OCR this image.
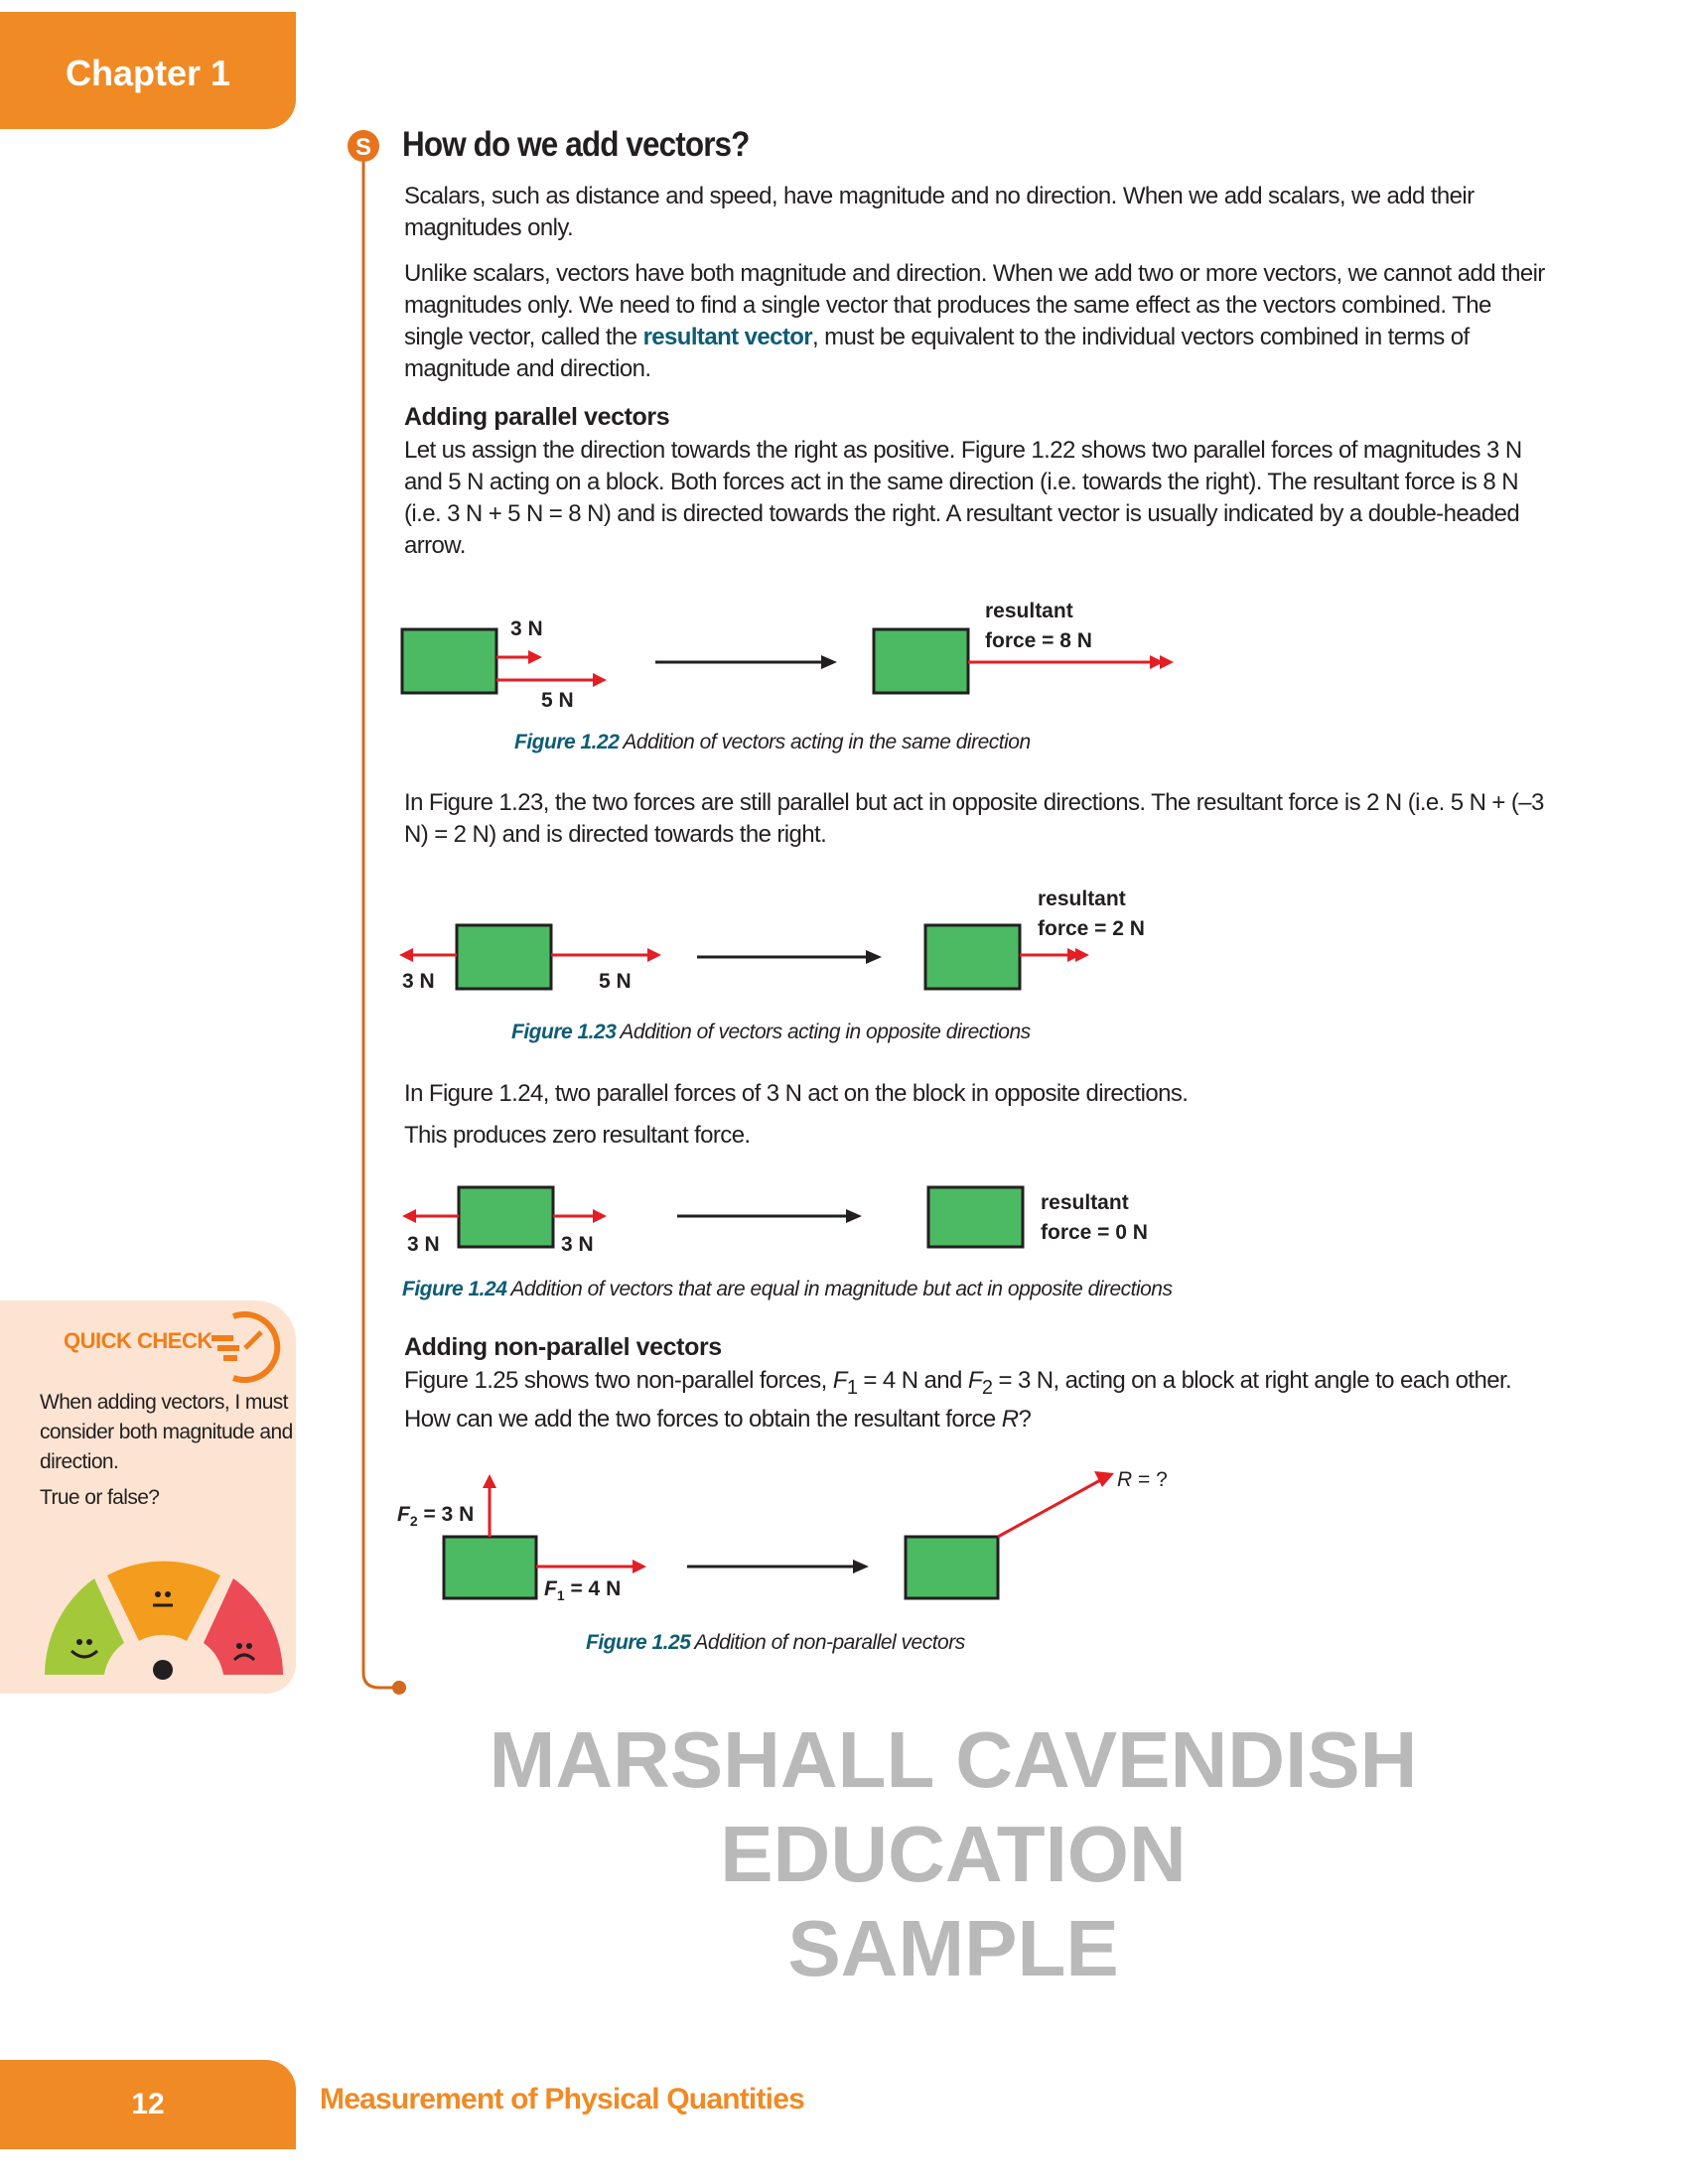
Chapter 1
S How do we add vectors?
Scalars, such as distance and speed, have magnitude and no direction. When we add scalars, we add their magnitudes only.
Unlike scalars, vectors have both magnitude and direction. When we add two or more vectors, we cannot add their magnitudes only. We need to find a single vector that produces the same effect as the vectors combined. The single vector, called the resultant vector, must be equivalent to the individual vectors combined in terms of magnitude and direction.
Adding parallel vectors
Let us assign the direction towards the right as positive. Figure 1.22 shows two parallel forces of magnitudes 3 N and 5 N acting on a block. Both forces act in the same direction (i.e. towards the right). The resultant force is 8 N (i.e. 3 N + 5 N = 8 N) and is directed towards the right. A resultant vector is usually indicated by a double-headed arrow.
In Figure 1.23, the two forces are still parallel but act in opposite directions. The resultant force is 2 N (i.e. 5 N + (–3 N) = 2 N) and is directed towards the right.
In Figure 1.24, two parallel forces of 3 N act on the block in opposite directions.
This produces zero resultant force.
Adding non-parallel vectors
Figure 1.25 shows two non-parallel forces, $F_1 = 4$ N and $F_2 = 3$ N, acting on a block at right angle to each other. How can we add the two forces to obtain the resultant force R?
3 N
5 N
resultant
force = 8 N
3 N	5 N
resultant
force = 2 N
3 N	3 N
resultant
force = 0 N
$F_2 = 3$ N
$F_1 = 4$ N
R = ?
Figure 1.22 Addition of vectors acting in the same direction
Figure 1.23 Addition of vectors acting in opposite directions
Figure 1.24 Addition of vectors that are equal in magnitude but act in opposite directions
Figure 1.25 Addition of non-parallel vectors
QUICK CHECK
When adding vectors, I must consider both magnitude and direction.
True or false?
MARSHALL CAVENDISH
EDUCATION
SAMPLE
12	Measurement of Physical Quantities
